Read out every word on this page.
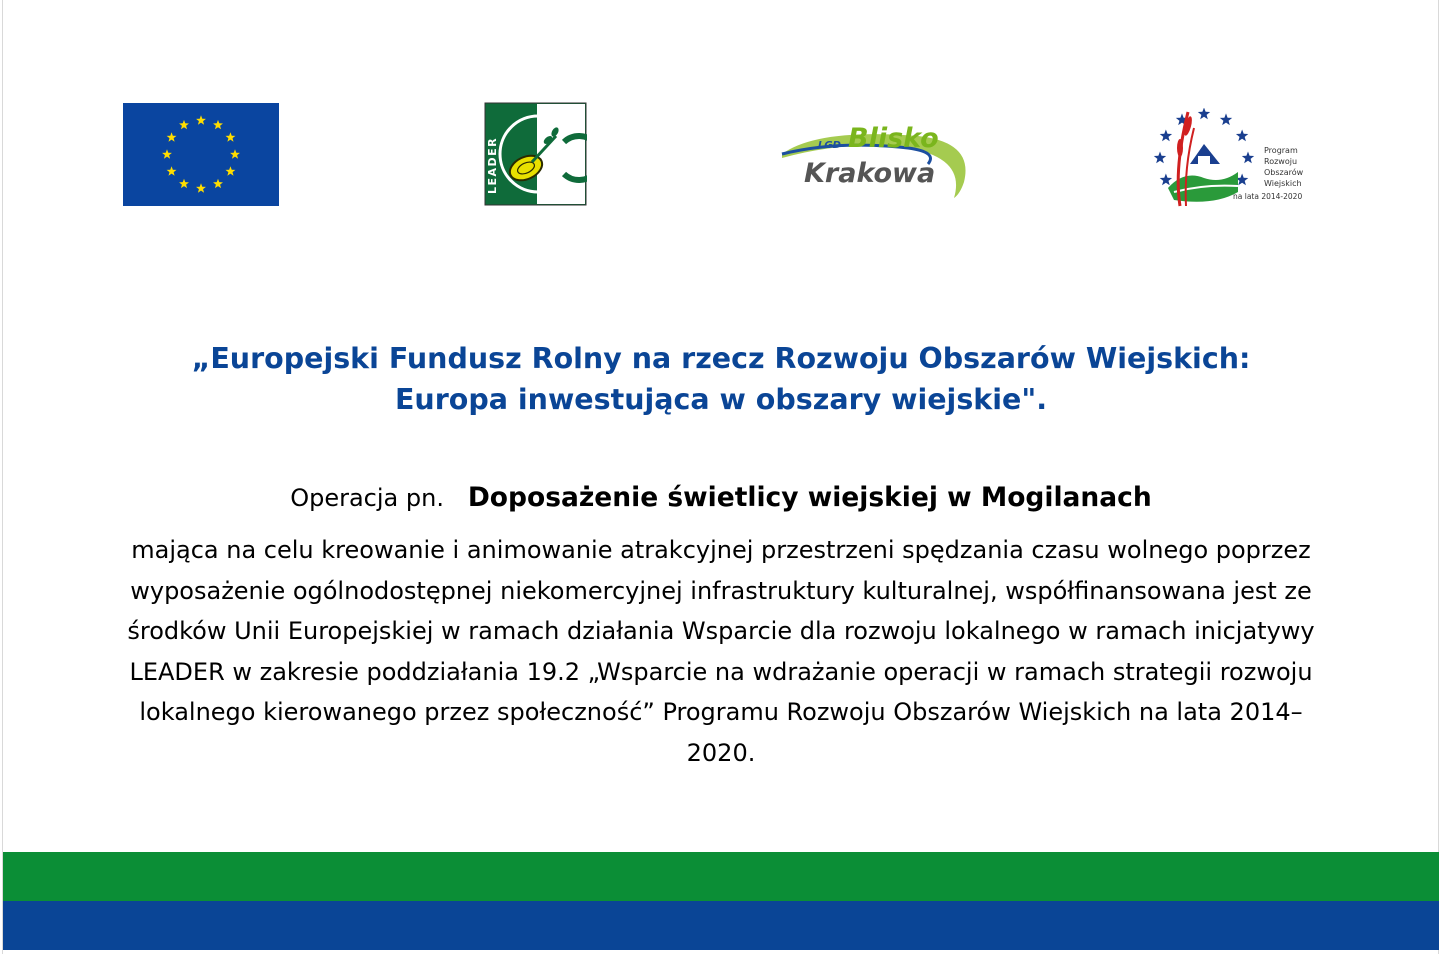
LEADER	LGD Blisko
Krakowa
Program
Rozwoju
Obszarów
Wiejskich
na lata 2014-2020
„Europejski Fundusz Rolny na rzecz Rozwoju Obszarów Wiejskich:
Europa inwestująca w obszary wiejskie".
Operacja pn. Doposażenie świetlicy wiejskiej w Mogilanach
mająca na celu kreowanie i animowanie atrakcyjnej przestrzeni spędzania czasu wolnego poprzez
wyposażenie ogólnodostępnej niekomercyjnej infrastruktury kulturalnej, współfinansowana jest ze
środków Unii Europejskiej w ramach działania Wsparcie dla rozwoju lokalnego w ramach inicjatywy
LEADER w zakresie poddziałania 19.2 „Wsparcie na wdrażanie operacji w ramach strategii rozwoju
lokalnego kierowanego przez społeczność” Programu Rozwoju Obszarów Wiejskich na lata 2014–
2020.
